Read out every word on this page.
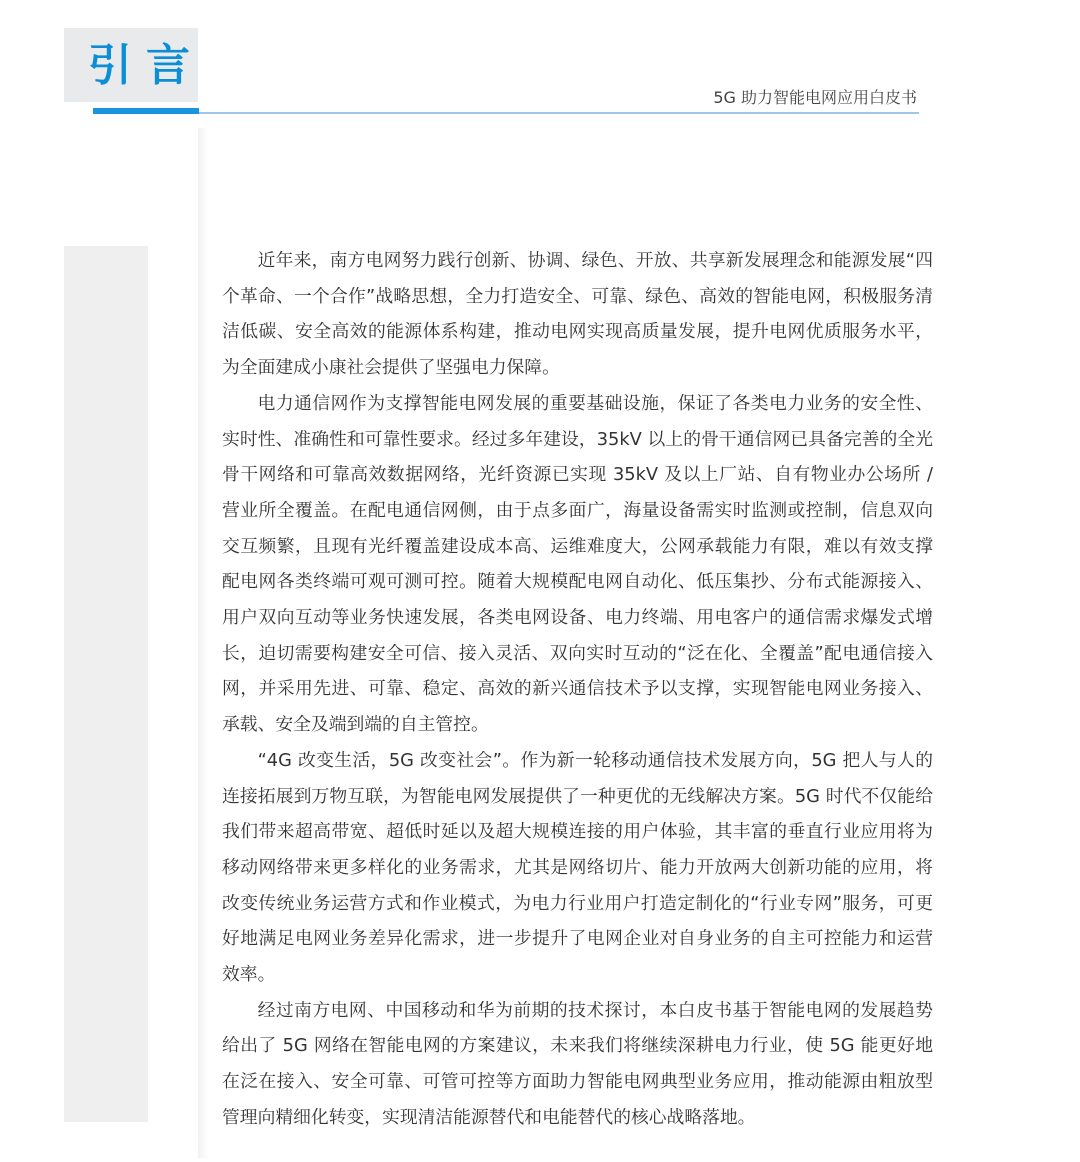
引言
5G 助力智能电网应用白皮书

近年来，南方电网努力践行创新、协调、绿色、开放、共享新发展理念和能源发展“四个革命、一个合作”战略思想，全力打造安全、可靠、绿色、高效的智能电网，积极服务清洁低碳、安全高效的能源体系构建，推动电网实现高质量发展，提升电网优质服务水平，为全面建成小康社会提供了坚强电力保障。

电力通信网作为支撑智能电网发展的重要基础设施，保证了各类电力业务的安全性、实时性、准确性和可靠性要求。经过多年建设，35kV 以上的骨干通信网已具备完善的全光骨干网络和可靠高效数据网络，光纤资源已实现 35kV 及以上厂站、自有物业办公场所 / 营业所全覆盖。在配电通信网侧，由于点多面广，海量设备需实时监测或控制，信息双向交互频繁，且现有光纤覆盖建设成本高、运维难度大，公网承载能力有限，难以有效支撑配电网各类终端可观可测可控。随着大规模配电网自动化、低压集抄、分布式能源接入、用户双向互动等业务快速发展，各类电网设备、电力终端、用电客户的通信需求爆发式增长，迫切需要构建安全可信、接入灵活、双向实时互动的“泛在化、全覆盖”配电通信接入网，并采用先进、可靠、稳定、高效的新兴通信技术予以支撑，实现智能电网业务接入、承载、安全及端到端的自主管控。

“4G 改变生活，5G 改变社会”。作为新一轮移动通信技术发展方向，5G 把人与人的连接拓展到万物互联，为智能电网发展提供了一种更优的无线解决方案。5G 时代不仅能给我们带来超高带宽、超低时延以及超大规模连接的用户体验，其丰富的垂直行业应用将为移动网络带来更多样化的业务需求，尤其是网络切片、能力开放两大创新功能的应用，将改变传统业务运营方式和作业模式，为电力行业用户打造定制化的“行业专网”服务，可更好地满足电网业务差异化需求，进一步提升了电网企业对自身业务的自主可控能力和运营效率。

经过南方电网、中国移动和华为前期的技术探讨，本白皮书基于智能电网的发展趋势给出了 5G 网络在智能电网的方案建议，未来我们将继续深耕电力行业，使 5G 能更好地在泛在接入、安全可靠、可管可控等方面助力智能电网典型业务应用，推动能源由粗放型管理向精细化转变，实现清洁能源替代和电能替代的核心战略落地。
